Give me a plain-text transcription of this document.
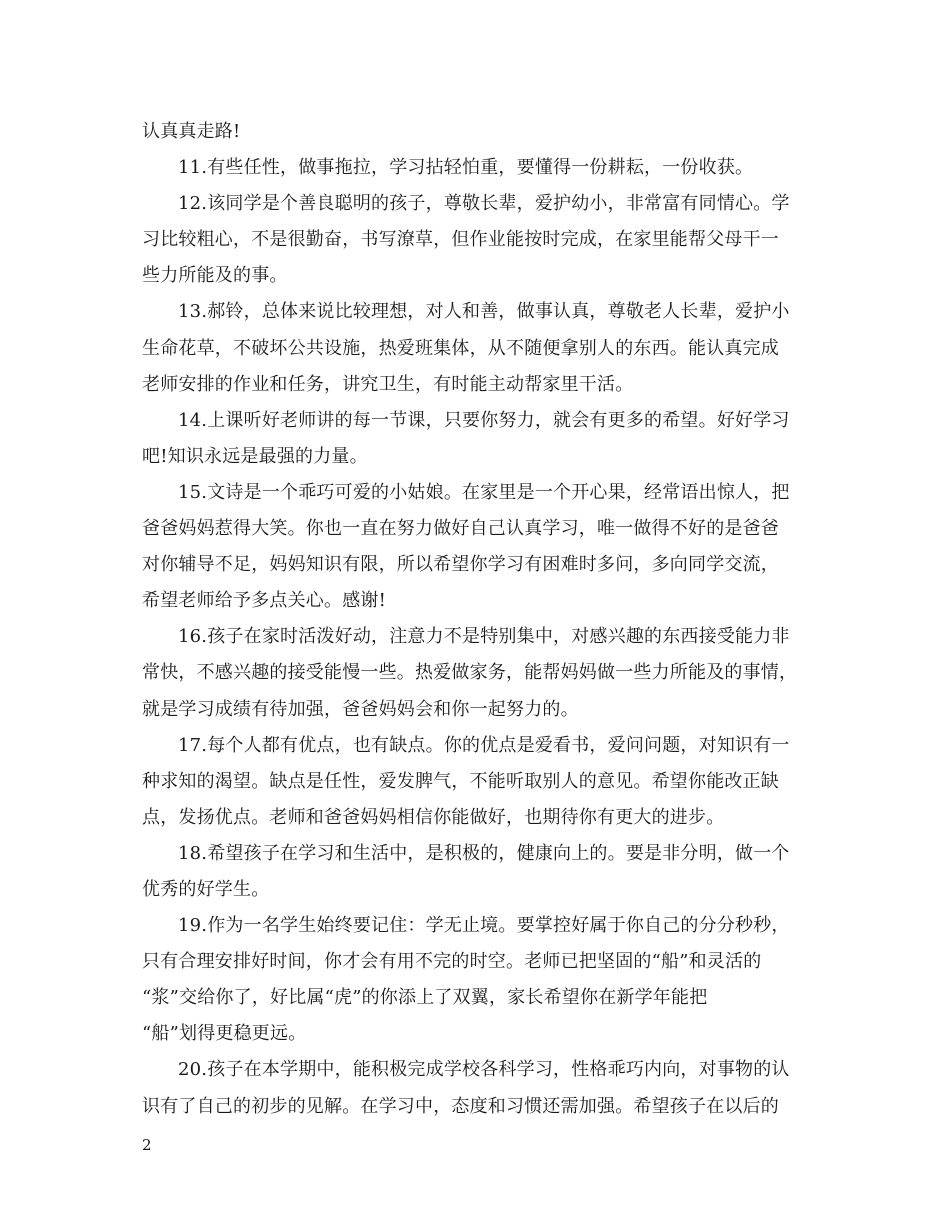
认真真走路!
11.有些任性，做事拖拉，学习拈轻怕重，要懂得一份耕耘，一份收获。
12.该同学是个善良聪明的孩子，尊敬长辈，爱护幼小，非常富有同情心。学
习比较粗心，不是很勤奋，书写潦草，但作业能按时完成，在家里能帮父母干一
些力所能及的事。
13.郝铃，总体来说比较理想，对人和善，做事认真，尊敬老人长辈，爱护小
生命花草，不破坏公共设施，热爱班集体，从不随便拿别人的东西。能认真完成
老师安排的作业和任务，讲究卫生，有时能主动帮家里干活。
14.上课听好老师讲的每一节课，只要你努力，就会有更多的希望。好好学习
吧!知识永远是最强的力量。
15.文诗是一个乖巧可爱的小姑娘。在家里是一个开心果，经常语出惊人，把
爸爸妈妈惹得大笑。你也一直在努力做好自己认真学习，唯一做得不好的是爸爸
对你辅导不足，妈妈知识有限，所以希望你学习有困难时多问，多向同学交流，
希望老师给予多点关心。感谢!
16.孩子在家时活泼好动，注意力不是特别集中，对感兴趣的东西接受能力非
常快，不感兴趣的接受能慢一些。热爱做家务，能帮妈妈做一些力所能及的事情，
就是学习成绩有待加强，爸爸妈妈会和你一起努力的。
17.每个人都有优点，也有缺点。你的优点是爱看书，爱问问题，对知识有一
种求知的渴望。缺点是任性，爱发脾气，不能听取别人的意见。希望你能改正缺
点，发扬优点。老师和爸爸妈妈相信你能做好，也期待你有更大的进步。
18.希望孩子在学习和生活中，是积极的，健康向上的。要是非分明，做一个
优秀的好学生。
19.作为一名学生始终要记住：学无止境。要掌控好属于你自己的分分秒秒，
只有合理安排好时间，你才会有用不完的时空。老师已把坚固的“船”和灵活的
“浆”交给你了，好比属“虎”的你添上了双翼，家长希望你在新学年能把
“船”划得更稳更远。
20.孩子在本学期中，能积极完成学校各科学习，性格乖巧内向，对事物的认
识有了自己的初步的见解。在学习中，态度和习惯还需加强。希望孩子在以后的
2
